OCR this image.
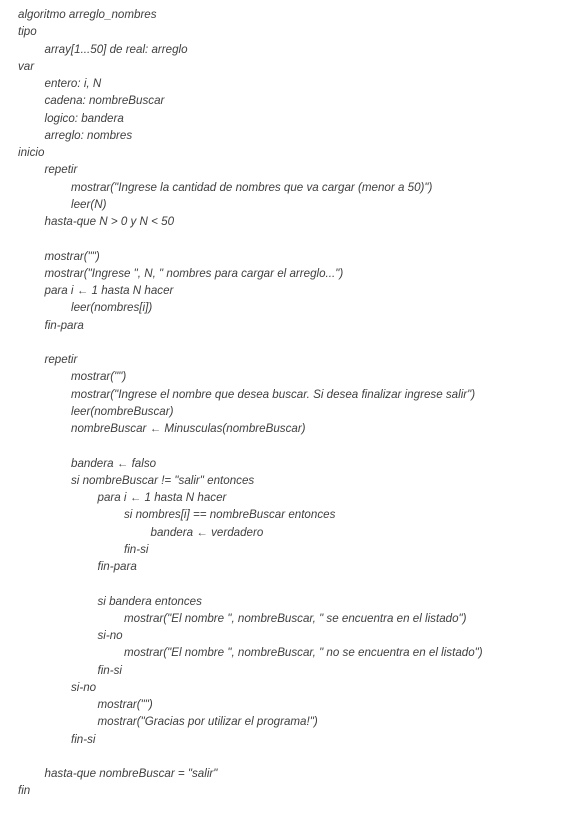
algoritmo arreglo_nombres
tipo
array[1...50] de real: arreglo
var
entero: i, N
cadena: nombreBuscar
logico: bandera
arreglo: nombres
inicio
repetir
mostrar("Ingrese la cantidad de nombres que va cargar (menor a 50)")
leer(N)
hasta-que N > 0 y N < 50
mostrar("")
mostrar("Ingrese ", N, " nombres para cargar el arreglo...")
para i ← 1 hasta N hacer
leer(nombres[i])
fin-para
repetir
mostrar("")
mostrar("Ingrese el nombre que desea buscar. Si desea finalizar ingrese salir")
leer(nombreBuscar)
nombreBuscar ← Minusculas(nombreBuscar)
bandera ← falso
si nombreBuscar != "salir" entonces
para i ← 1 hasta N hacer
si nombres[i] == nombreBuscar entonces
bandera ← verdadero
fin-si
fin-para
si bandera entonces
mostrar("El nombre ", nombreBuscar, " se encuentra en el listado")
si-no
mostrar("El nombre ", nombreBuscar, " no se encuentra en el listado")
fin-si
si-no
mostrar("")
mostrar("Gracias por utilizar el programa!")
fin-si
hasta-que nombreBuscar = "salir"
fin
